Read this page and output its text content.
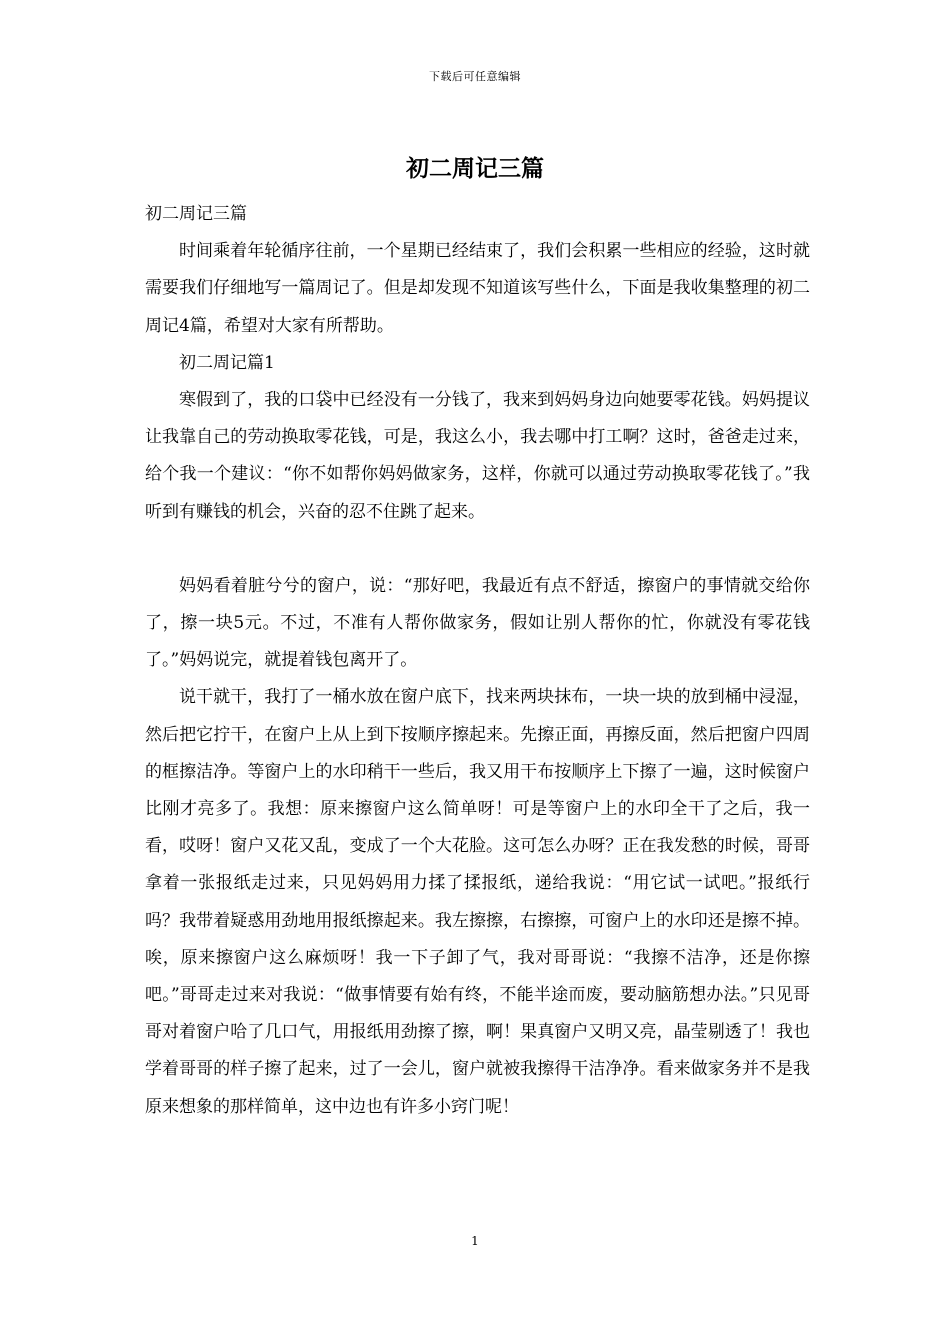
下载后可任意编辑
初二周记三篇

初二周记三篇

时间乘着年轮循序往前，一个星期已经结束了，我们会积累一些相应的经验，这时就需要我们仔细地写一篇周记了。但是却发现不知道该写些什么，下面是我收集整理的初二周记4篇，希望对大家有所帮助。

初二周记篇1

寒假到了，我的口袋中已经没有一分钱了，我来到妈妈身边向她要零花钱。妈妈提议让我靠自己的劳动换取零花钱，可是，我这么小，我去哪中打工啊？这时，爸爸走过来，给个我一个建议：“你不如帮你妈妈做家务，这样，你就可以通过劳动换取零花钱了。”我听到有赚钱的机会，兴奋的忍不住跳了起来。

妈妈看着脏兮兮的窗户，说：“那好吧，我最近有点不舒适，擦窗户的事情就交给你了，擦一块5元。不过，不准有人帮你做家务，假如让别人帮你的忙，你就没有零花钱了。”妈妈说完，就提着钱包离开了。

说干就干，我打了一桶水放在窗户底下，找来两块抹布，一块一块的放到桶中浸湿，然后把它拧干，在窗户上从上到下按顺序擦起来。先擦正面，再擦反面，然后把窗户四周的框擦洁净。等窗户上的水印稍干一些后，我又用干布按顺序上下擦了一遍，这时候窗户比刚才亮多了。我想：原来擦窗户这么简单呀！可是等窗户上的水印全干了之后，我一看，哎呀！窗户又花又乱，变成了一个大花脸。这可怎么办呀？正在我发愁的时候，哥哥拿着一张报纸走过来，只见妈妈用力揉了揉报纸，递给我说：“用它试一试吧。”报纸行吗？我带着疑惑用劲地用报纸擦起来。我左擦擦，右擦擦，可窗户上的水印还是擦不掉。唉，原来擦窗户这么麻烦呀！我一下子卸了气，我对哥哥说：“我擦不洁净，还是你擦吧。”哥哥走过来对我说：“做事情要有始有终，不能半途而废，要动脑筋想办法。”只见哥哥对着窗户哈了几口气，用报纸用劲擦了擦，啊！果真窗户又明又亮，晶莹剔透了！我也学着哥哥的样子擦了起来，过了一会儿，窗户就被我擦得干洁净净。看来做家务并不是我原来想象的那样简单，这中边也有许多小窍门呢！

1
